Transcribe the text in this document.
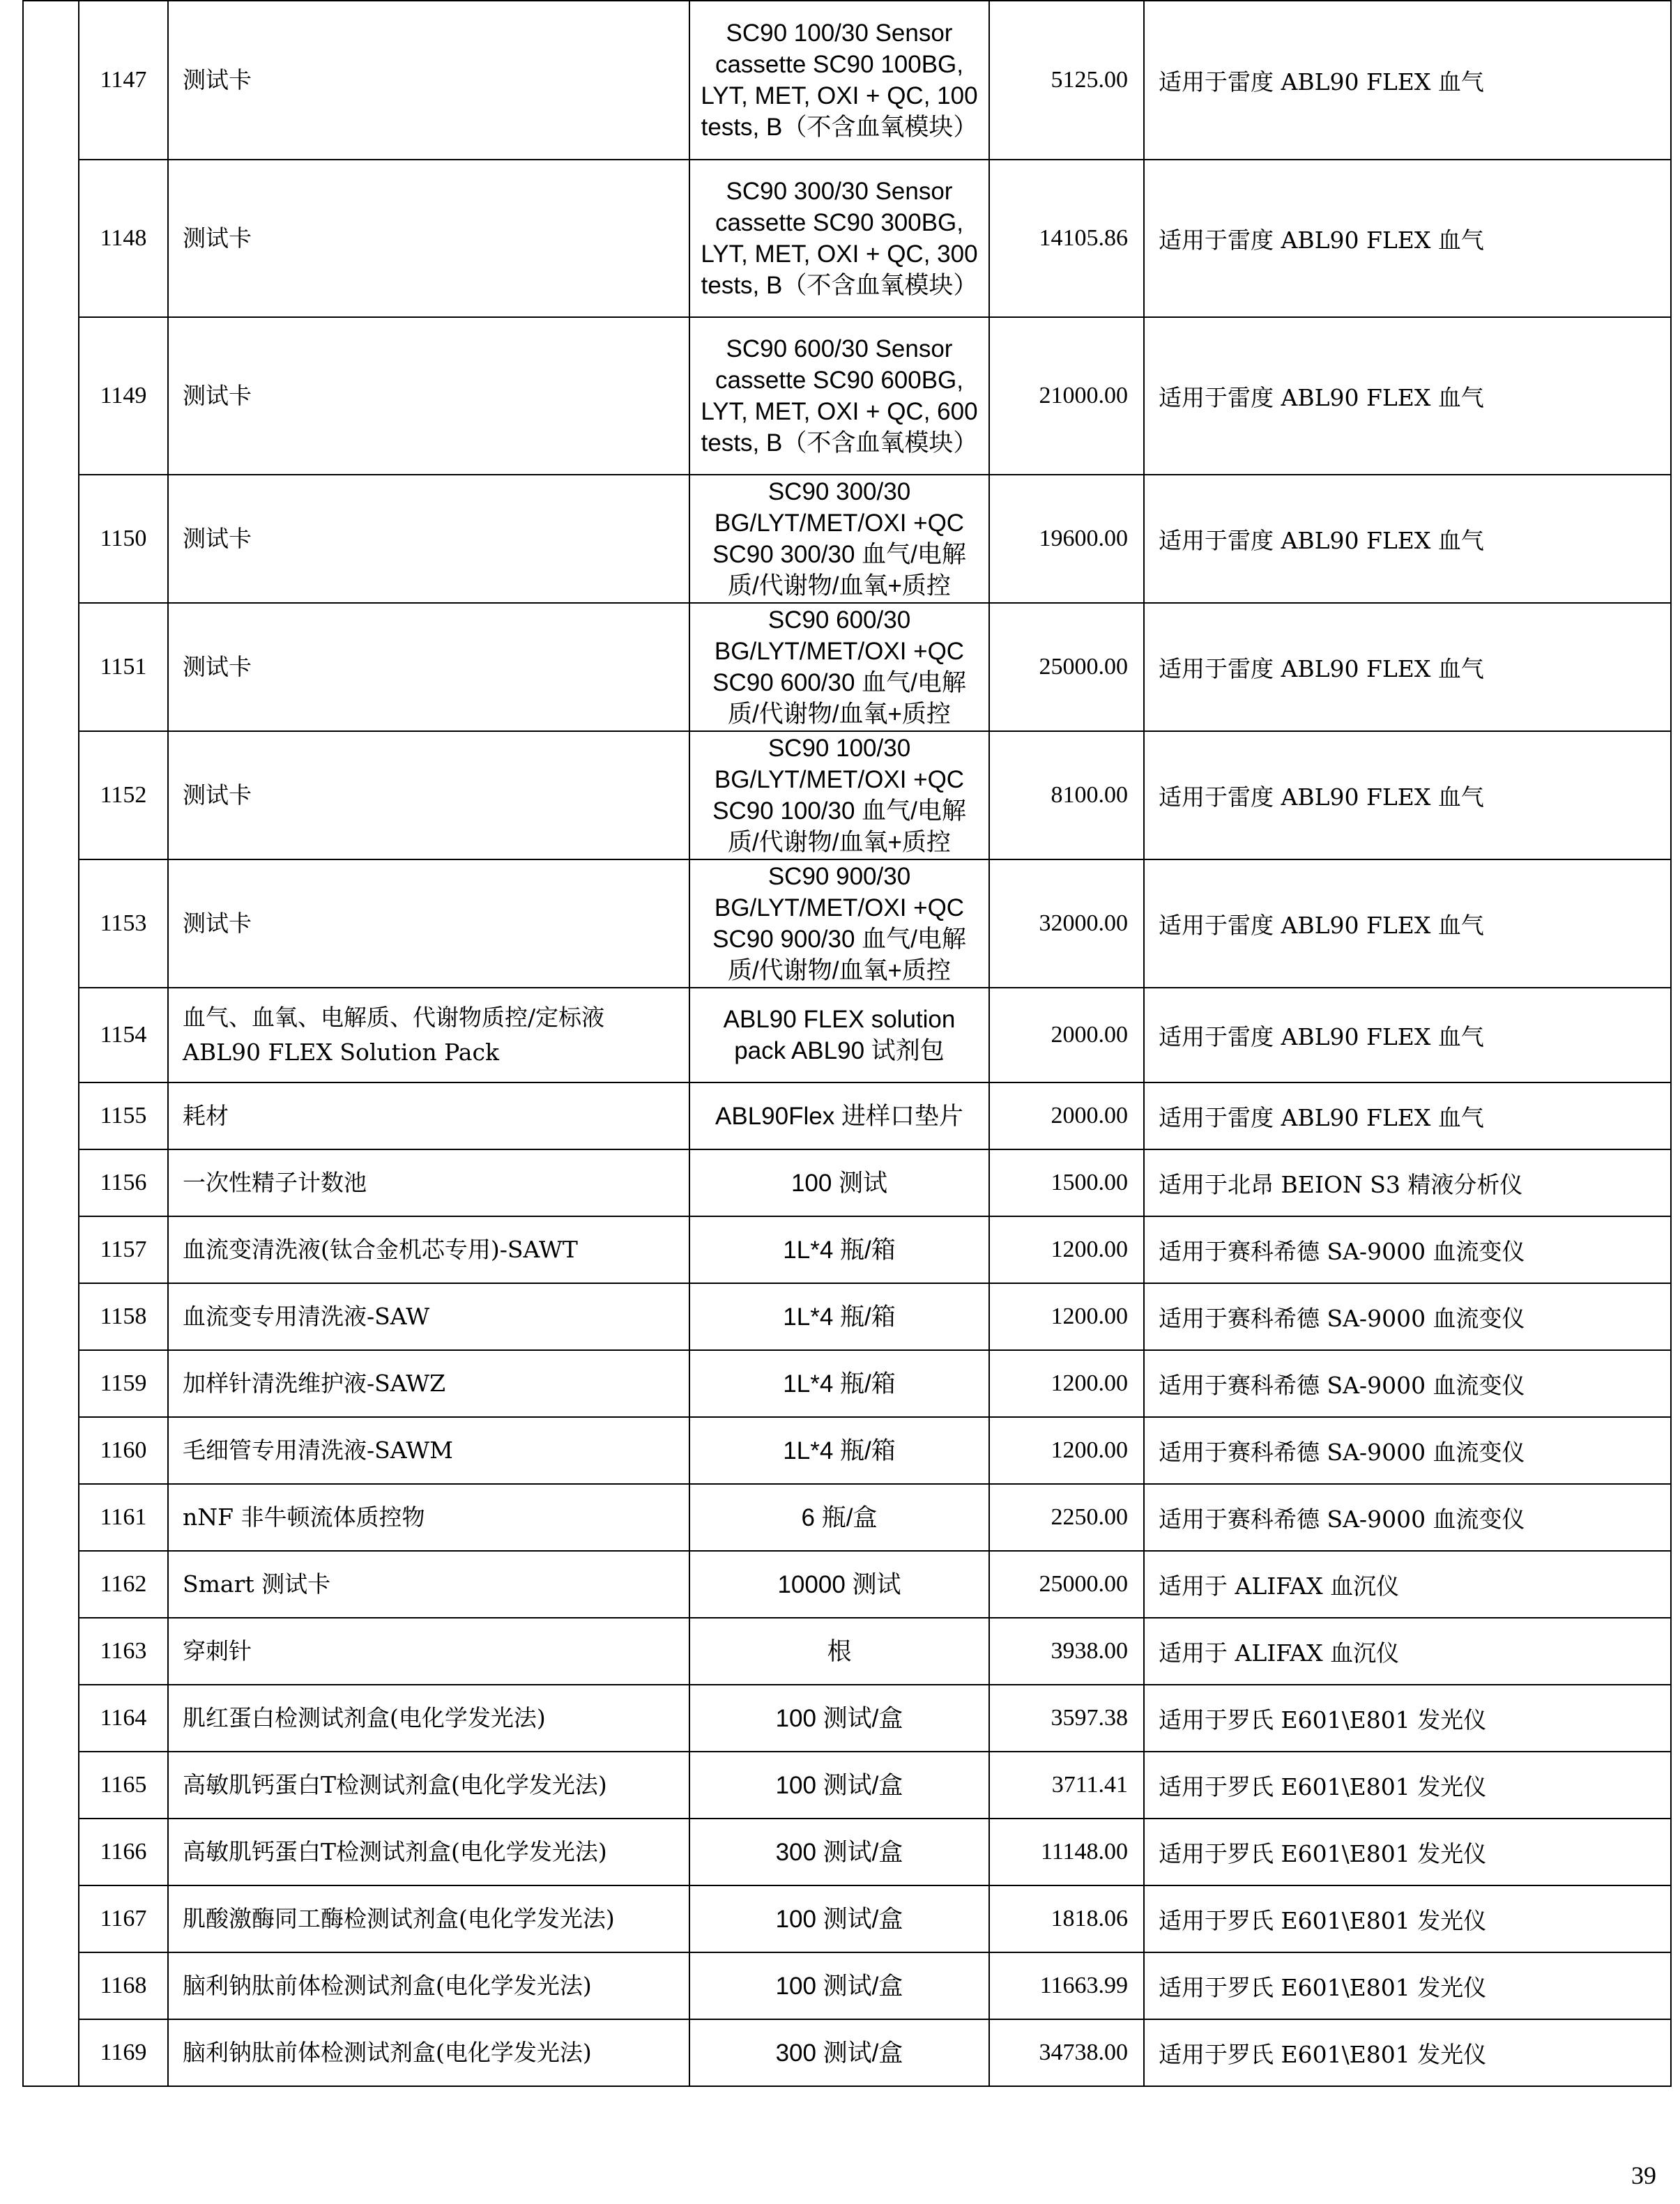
	1147	测试卡	SC90 100/30 Sensor cassette SC90 100BG, LYT, MET, OXI + QC, 100 tests, B（不含血氧模块）	5125.00	适用于雷度 ABL90 FLEX 血气
	1148	测试卡	SC90 300/30 Sensor cassette SC90 300BG, LYT, MET, OXI + QC, 300 tests, B（不含血氧模块）	14105.86	适用于雷度 ABL90 FLEX 血气
	1149	测试卡	SC90 600/30 Sensor cassette SC90 600BG, LYT, MET, OXI + QC, 600 tests, B（不含血氧模块）	21000.00	适用于雷度 ABL90 FLEX 血气
	1150	测试卡	SC90 300/30 BG/LYT/MET/OXI +QC SC90 300/30 血气/电解质/代谢物/血氧+质控	19600.00	适用于雷度 ABL90 FLEX 血气
	1151	测试卡	SC90 600/30 BG/LYT/MET/OXI +QC SC90 600/30 血气/电解质/代谢物/血氧+质控	25000.00	适用于雷度 ABL90 FLEX 血气
	1152	测试卡	SC90 100/30 BG/LYT/MET/OXI +QC SC90 100/30 血气/电解质/代谢物/血氧+质控	8100.00	适用于雷度 ABL90 FLEX 血气
	1153	测试卡	SC90 900/30 BG/LYT/MET/OXI +QC SC90 900/30 血气/电解质/代谢物/血氧+质控	32000.00	适用于雷度 ABL90 FLEX 血气
	1154	血气、血氧、电解质、代谢物质控/定标液 ABL90 FLEX Solution Pack	ABL90 FLEX solution pack ABL90 试剂包	2000.00	适用于雷度 ABL90 FLEX 血气
	1155	耗材	ABL90Flex 进样口垫片	2000.00	适用于雷度 ABL90 FLEX 血气
	1156	一次性精子计数池	100 测试	1500.00	适用于北昂 BEION S3 精液分析仪
	1157	血流变清洗液(钛合金机芯专用)-SAWT	1L*4 瓶/箱	1200.00	适用于赛科希德 SA-9000 血流变仪
	1158	血流变专用清洗液-SAW	1L*4 瓶/箱	1200.00	适用于赛科希德 SA-9000 血流变仪
	1159	加样针清洗维护液-SAWZ	1L*4 瓶/箱	1200.00	适用于赛科希德 SA-9000 血流变仪
	1160	毛细管专用清洗液-SAWM	1L*4 瓶/箱	1200.00	适用于赛科希德 SA-9000 血流变仪
	1161	nNF 非牛顿流体质控物	6 瓶/盒	2250.00	适用于赛科希德 SA-9000 血流变仪
	1162	Smart 测试卡	10000 测试	25000.00	适用于 ALIFAX 血沉仪
	1163	穿刺针	根	3938.00	适用于 ALIFAX 血沉仪
	1164	肌红蛋白检测试剂盒(电化学发光法)	100 测试/盒	3597.38	适用于罗氏 E601\E801 发光仪
	1165	高敏肌钙蛋白T检测试剂盒(电化学发光法)	100 测试/盒	3711.41	适用于罗氏 E601\E801 发光仪
	1166	高敏肌钙蛋白T检测试剂盒(电化学发光法)	300 测试/盒	11148.00	适用于罗氏 E601\E801 发光仪
	1167	肌酸激酶同工酶检测试剂盒(电化学发光法)	100 测试/盒	1818.06	适用于罗氏 E601\E801 发光仪
	1168	脑利钠肽前体检测试剂盒(电化学发光法)	100 测试/盒	11663.99	适用于罗氏 E601\E801 发光仪
	1169	脑利钠肽前体检测试剂盒(电化学发光法)	300 测试/盒	34738.00	适用于罗氏 E601\E801 发光仪
39
